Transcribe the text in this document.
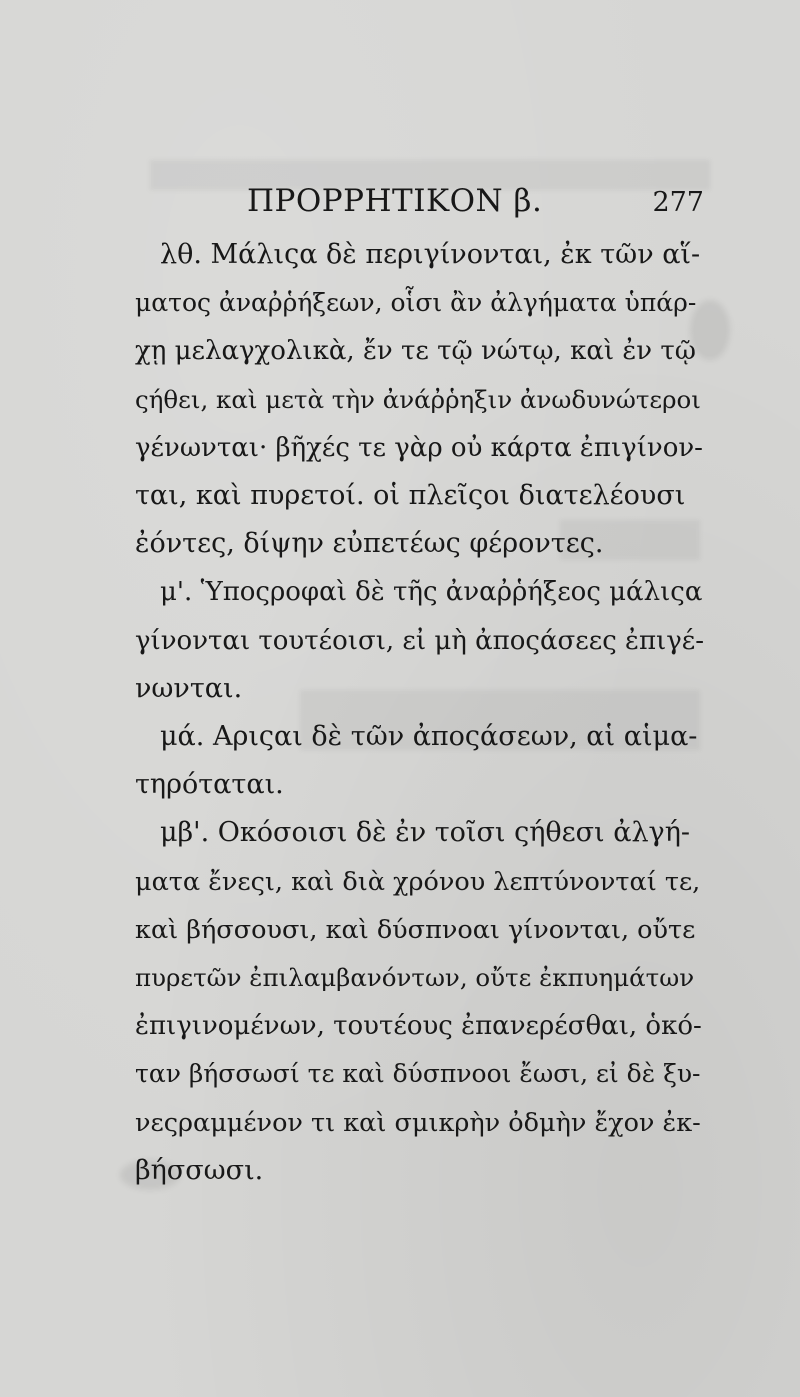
ΠΡΟΡΡΗΤΙΚΟΝ β.	277
λθ. Μάλιςα δὲ περιγίνονται, ἐκ τῶν αἵ-
ματος ἀναῤῥήξεων, οἷσι ἂν ἀλγήματα ὑπάρ-
χῃ μελαγχολικὰ, ἔν τε τῷ νώτῳ, καὶ ἐν τῷ
ςήθει, καὶ μετὰ τὴν ἀνάῤῥηξιν ἀνωδυνώτεροι
γένωνται· βῆχές τε γὰρ οὐ κάρτα ἐπιγίνον-
ται, καὶ πυρετοί. οἱ πλεῖςοι διατελέουσι
ἐόντες, δίψην εὐπετέως φέροντες.
μ'. Ὑποςροφαὶ δὲ τῆς ἀναῤῥήξεος μάλιςα
γίνονται τουτέοισι, εἰ μὴ ἀποςάσεες ἐπιγέ-
νωνται.
μά. Αριςαι δὲ τῶν ἀποςάσεων, αἱ αἱμα-
τηρόταται.
μβ'. Οκόσοισι δὲ ἐν τοῖσι ςήθεσι ἀλγή-
ματα ἔνεςι, καὶ διὰ χρόνου λεπτύνονταί τε,
καὶ βήσσουσι, καὶ δύσπνοαι γίνονται, οὔτε
πυρετῶν ἐπιλαμβανόντων, οὔτε ἐκπυημάτων
ἐπιγινομένων, τουτέους ἐπανερέσθαι, ὁκό-
ταν βήσσωσί τε καὶ δύσπνοοι ἔωσι, εἰ δὲ ξυ-
νεςραμμένον τι καὶ σμικρὴν ὀδμὴν ἔχον ἐκ-
βήσσωσι.
